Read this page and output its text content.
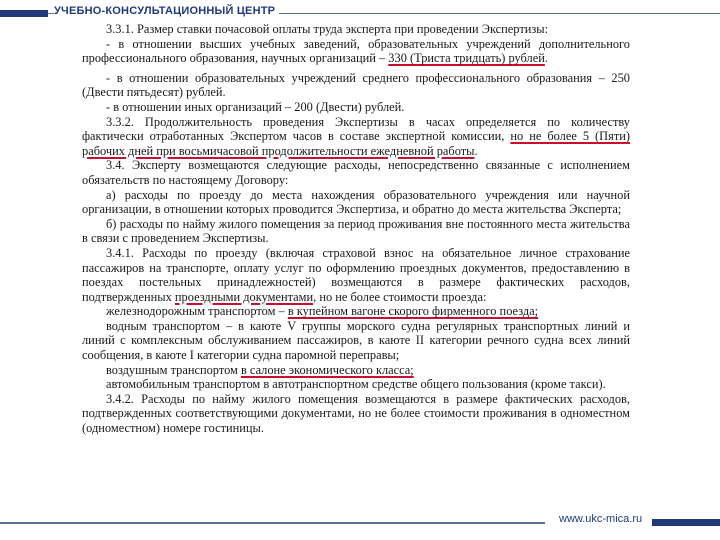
УЧЕБНО-КОНСУЛЬТАЦИОННЫЙ ЦЕНТР

3.3.1. Размер ставки почасовой оплаты труда эксперта при проведении Экспертизы:

- в отношении высших учебных заведений, образовательных учреждений дополнительного профессионального образования, научных организаций – 330 (Триста тридцать) рублей.

- в отношении образовательных учреждений среднего профессионального образования – 250 (Двести пятьдесят) рублей.

- в отношении иных организаций – 200 (Двести) рублей.

3.3.2. Продолжительность проведения Экспертизы в часах определяется по количеству фактически отработанных Экспертом часов в составе экспертной комиссии, но не более 5 (Пяти) рабочих дней при восьмичасовой продолжительности ежедневной работы.

3.4. Эксперту возмещаются следующие расходы, непосредственно связанные с исполнением обязательств по настоящему Договору:

а) расходы по проезду до места нахождения образовательного учреждения или научной организации, в отношении которых проводится Экспертиза, и обратно до места жительства Эксперта;

б) расходы по найму жилого помещения за период проживания вне постоянного места жительства в связи с проведением Экспертизы.

3.4.1. Расходы по проезду (включая страховой взнос на обязательное личное страхование пассажиров на транспорте, оплату услуг по оформлению проездных документов, предоставлению в поездах постельных принадлежностей) возмещаются в размере фактических расходов, подтвержденных проездными документами, но не более стоимости проезда:

железнодорожным транспортом – в купейном вагоне скорого фирменного поезда;

водным транспортом – в каюте V группы морского судна регулярных транспортных линий и линий с комплексным обслуживанием пассажиров, в каюте II категории речного судна всех линий сообщения, в каюте I категории судна паромной переправы;

воздушным транспортом в салоне экономического класса;

автомобильным транспортом в автотранспортном средстве общего пользования (кроме такси).

3.4.2. Расходы по найму жилого помещения возмещаются в размере фактических расходов, подтвержденных соответствующими документами, но не более стоимости проживания в одноместном (одноместном) номере гостиницы.

www.ukc-mica.ru
